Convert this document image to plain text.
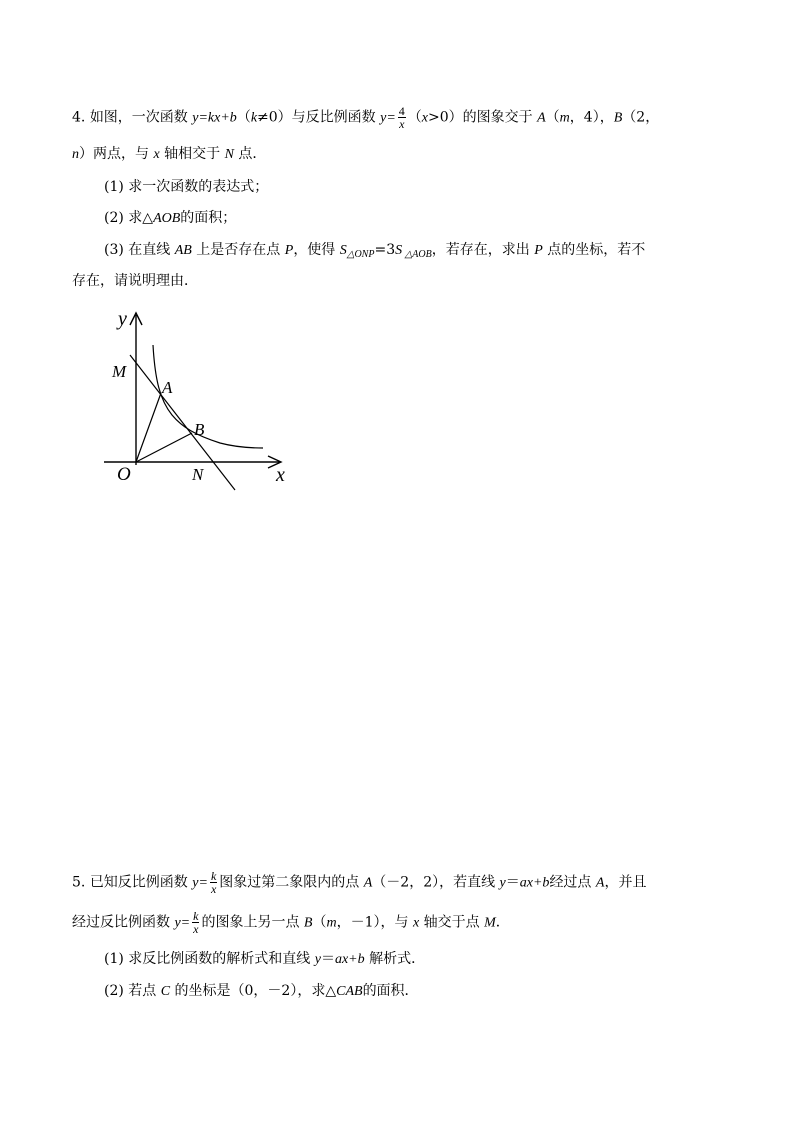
4. 如图，一次函数 y=kx+b（k≠0）与反比例函数 $y= \frac{4}{x} (x>0)$的图象交于 A（m，4），B（2，
n）两点，与 x 轴相交于 N 点．
(1) 求一次函数的表达式；
(2) 求△AOB的面积；
(3) 在直线 AB 上是否存在点 P，使得 $S_{\triangle ONP}=3S$ $_{\triangle AOB}$，若存在，求出 P 点的坐标，若不
存在，请说明理由．
y
M
A
B
O	N	x
5. 已知反比例函数 $y= \frac{k}{x}$ 图象过第二象限内的点 A（－2，2），若直线 y＝ax+b经过点 A，并且
经过反比例函数 $y= \frac{k}{x}$ 的图象上另一点 B（m，－1），与 x 轴交于点 M．
(1) 求反比例函数的解析式和直线 y＝ax+b 解析式．
(2) 若点 C 的坐标是（0，－2），求△CAB的面积．
